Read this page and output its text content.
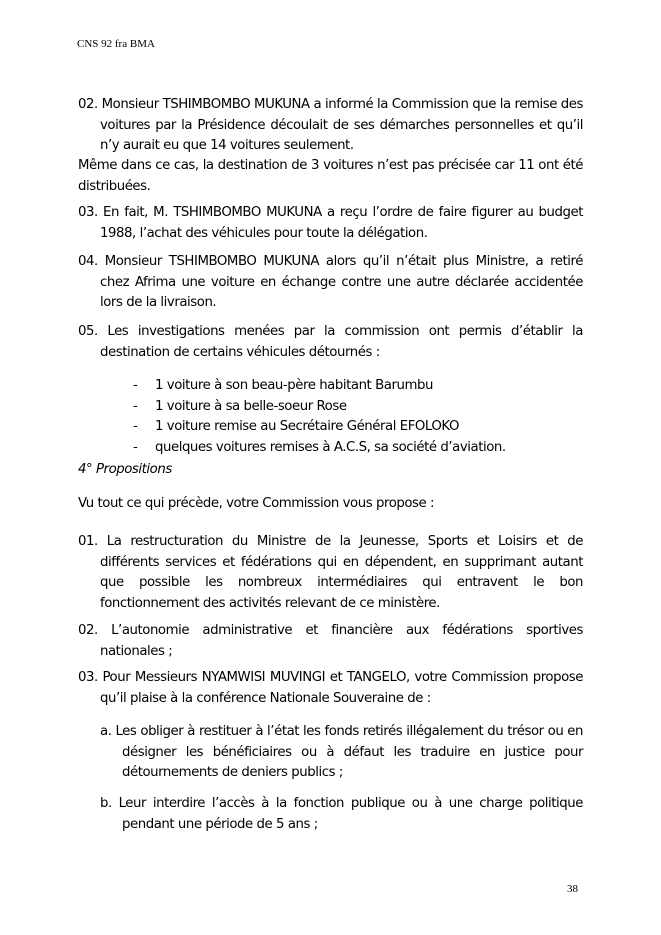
CNS 92 fra BMA

02. Monsieur TSHIMBOMBO MUKUNA a informé la Commission que la remise des voitures par la Présidence découlait de ses démarches personnelles et qu’il n’y aurait eu que 14 voitures seulement.

Même dans ce cas, la destination de 3 voitures n’est pas précisée car 11 ont été distribuées.

03. En fait, M. TSHIMBOMBO MUKUNA a reçu l’ordre de faire figurer au budget 1988, l’achat des véhicules pour toute la délégation.

04. Monsieur TSHIMBOMBO MUKUNA alors qu’il n’était plus Ministre, a retiré chez Afrima une voiture en échange contre une autre déclarée accidentée lors de la livraison.

05. Les investigations menées par la commission ont permis d’établir la destination de certains véhicules détournés :

- 1 voiture à son beau-père habitant Barumbu
- 1 voiture à sa belle-soeur Rose
- 1 voiture remise au Secrétaire Général EFOLOKO
- quelques voitures remises à A.C.S, sa société d’aviation.
4° Propositions

Vu tout ce qui précède, votre Commission vous propose :

01. La restructuration du Ministre de la Jeunesse, Sports et Loisirs et de différents services et fédérations qui en dépendent, en supprimant autant que possible les nombreux intermédiaires qui entravent le bon fonctionnement des activités relevant de ce ministère.

02. L’autonomie administrative et financière aux fédérations sportives nationales ;

03. Pour Messieurs NYAMWISI MUVINGI et TANGELO, votre Commission propose qu’il plaise à la conférence Nationale Souveraine de :

a. Les obliger à restituer à l’état les fonds retirés illégalement du trésor ou en désigner les bénéficiaires ou à défaut les traduire en justice pour détournements de deniers publics ;

b. Leur interdire l’accès à la fonction publique ou à une charge politique pendant une période de 5 ans ;

38
